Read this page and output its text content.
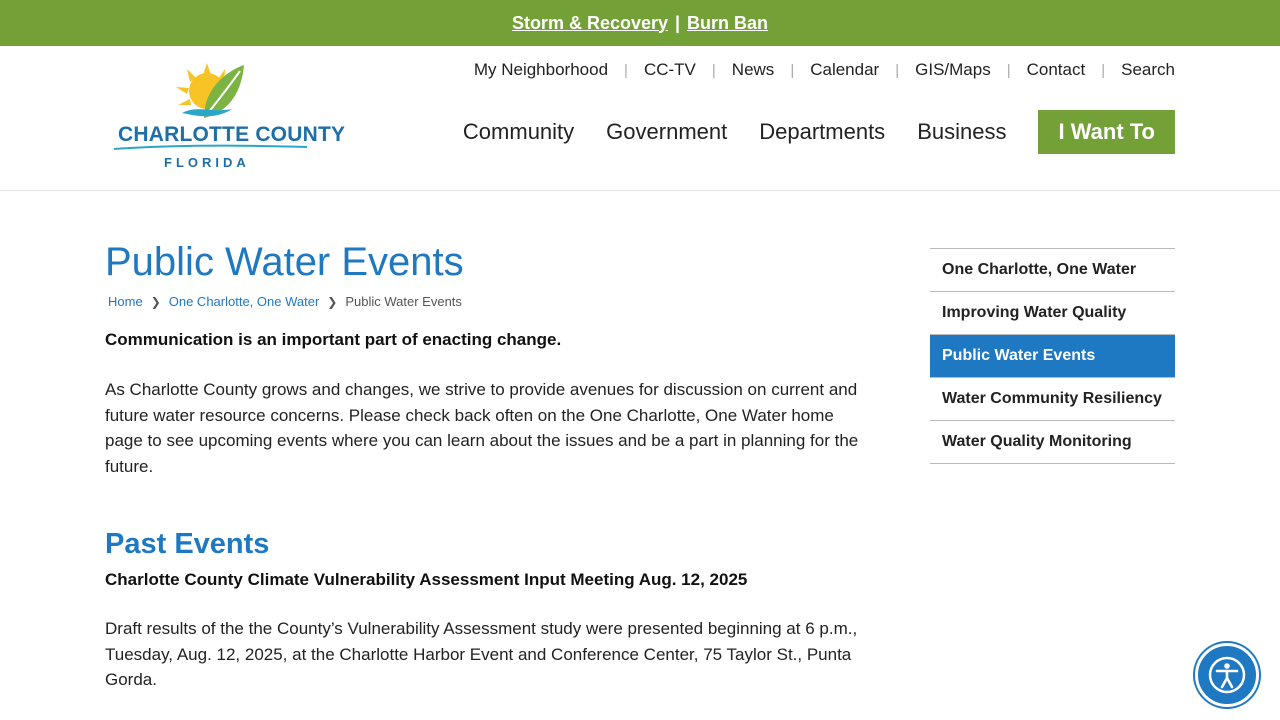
Storm & Recovery | Burn Ban
CHARLOTTE COUNTY
FLORIDA
My Neighborhood | CC-TV | News | Calendar | GIS/Maps | Contact | Search
Community Government Departments Business	I Want To
Public Water Events
Home ❯ One Charlotte, One Water ❯ Public Water Events

Communication is an important part of enacting change.

As Charlotte County grows and changes, we strive to provide avenues for discussion on current and future water resource concerns. Please check back often on the One Charlotte, One Water home page to see upcoming events where you can learn about the issues and be a part in planning for the future.

Past Events

Charlotte County Climate Vulnerability Assessment Input Meeting Aug. 12, 2025

Draft results of the the County’s Vulnerability Assessment study were presented beginning at 6 p.m., Tuesday, Aug. 12, 2025, at the Charlotte Harbor Event and Conference Center, 75 Taylor St., Punta Gorda.

One Charlotte, One Water
Improving Water Quality
Public Water Events
Water Community Resiliency
Water Quality Monitoring
